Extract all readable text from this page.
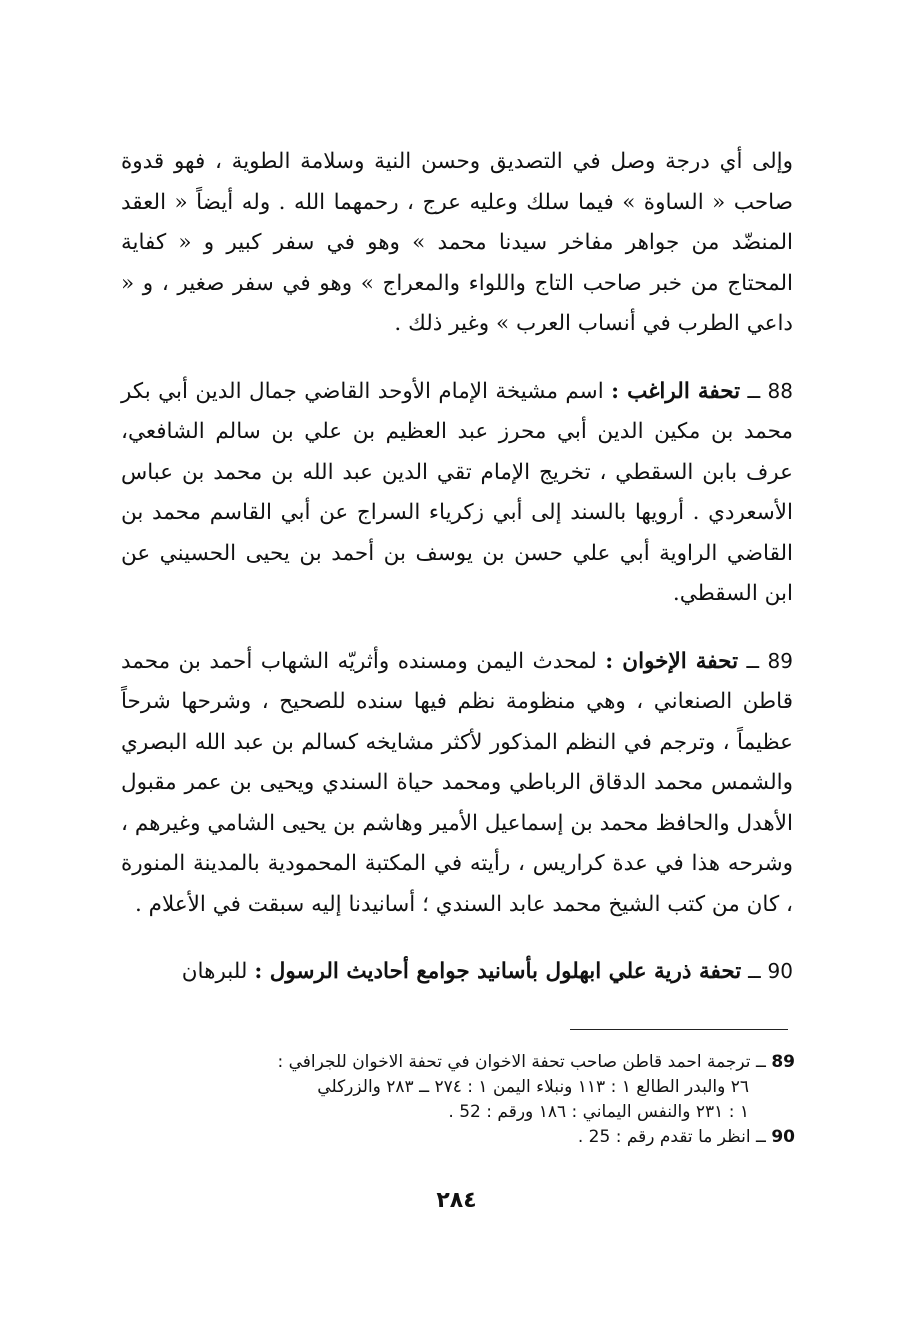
وإلى أي درجة وصل في التصديق وحسن النية وسلامة الطوية ، فهو قدوة صاحب « الساوة » فيما سلك وعليه عرج ، رحمهما الله . وله أيضاً « العقد المنضّد من جواهر مفاخر سيدنا محمد » وهو في سفر كبير و « كفاية المحتاج من خبر صاحب التاج واللواء والمعراج » وهو في سفر صغير ، و « داعي الطرب في أنساب العرب » وغير ذلك .

88 ــ تحفة الراغب : اسم مشيخة الإمام الأوحد القاضي جمال الدين أبي بكر محمد بن مكين الدين أبي محرز عبد العظيم بن علي بن سالم الشافعي، عرف بابن السقطي ، تخريج الإمام تقي الدين عبد الله بن محمد بن عباس الأسعردي . أرويها بالسند إلى أبي زكرياء السراج عن أبي القاسم محمد بن القاضي الراوية أبي علي حسن بن يوسف بن أحمد بن يحيى الحسيني عن ابن السقطي.

89 ــ تحفة الإخوان : لمحدث اليمن ومسنده وأثريّه الشهاب أحمد بن محمد قاطن الصنعاني ، وهي منظومة نظم فيها سنده للصحيح ، وشرحها شرحاً عظيماً ، وترجم في النظم المذكور لأكثر مشايخه كسالم بن عبد الله البصري والشمس محمد الدقاق الرباطي ومحمد حياة السندي ويحيى بن عمر مقبول الأهدل والحافظ محمد بن إسماعيل الأمير وهاشم بن يحيى الشامي وغيرهم ، وشرحه هذا في عدة كراريس ، رأيته في المكتبة المحمودية بالمدينة المنورة ، كان من كتب الشيخ محمد عابد السندي ؛ أسانيدنا إليه سبقت في الأعلام .

90 ــ تحفة ذرية علي ابهلول بأسانيد جوامع أحاديث الرسول : للبرهان

89 ــ ترجمة احمد قاطن صاحب تحفة الاخوان في تحفة الاخوان للجرافي :
٢٦ والبدر الطالع ١ : ١١٣ ونبلاء اليمن ١ : ٢٧٤ ــ ٢٨٣ والزركلي
١ : ٢٣١ والنفس اليماني : ١٨٦ ورقم : 52 .

90 ــ انظر ما تقدم رقم : 25 .

٢٨٤
